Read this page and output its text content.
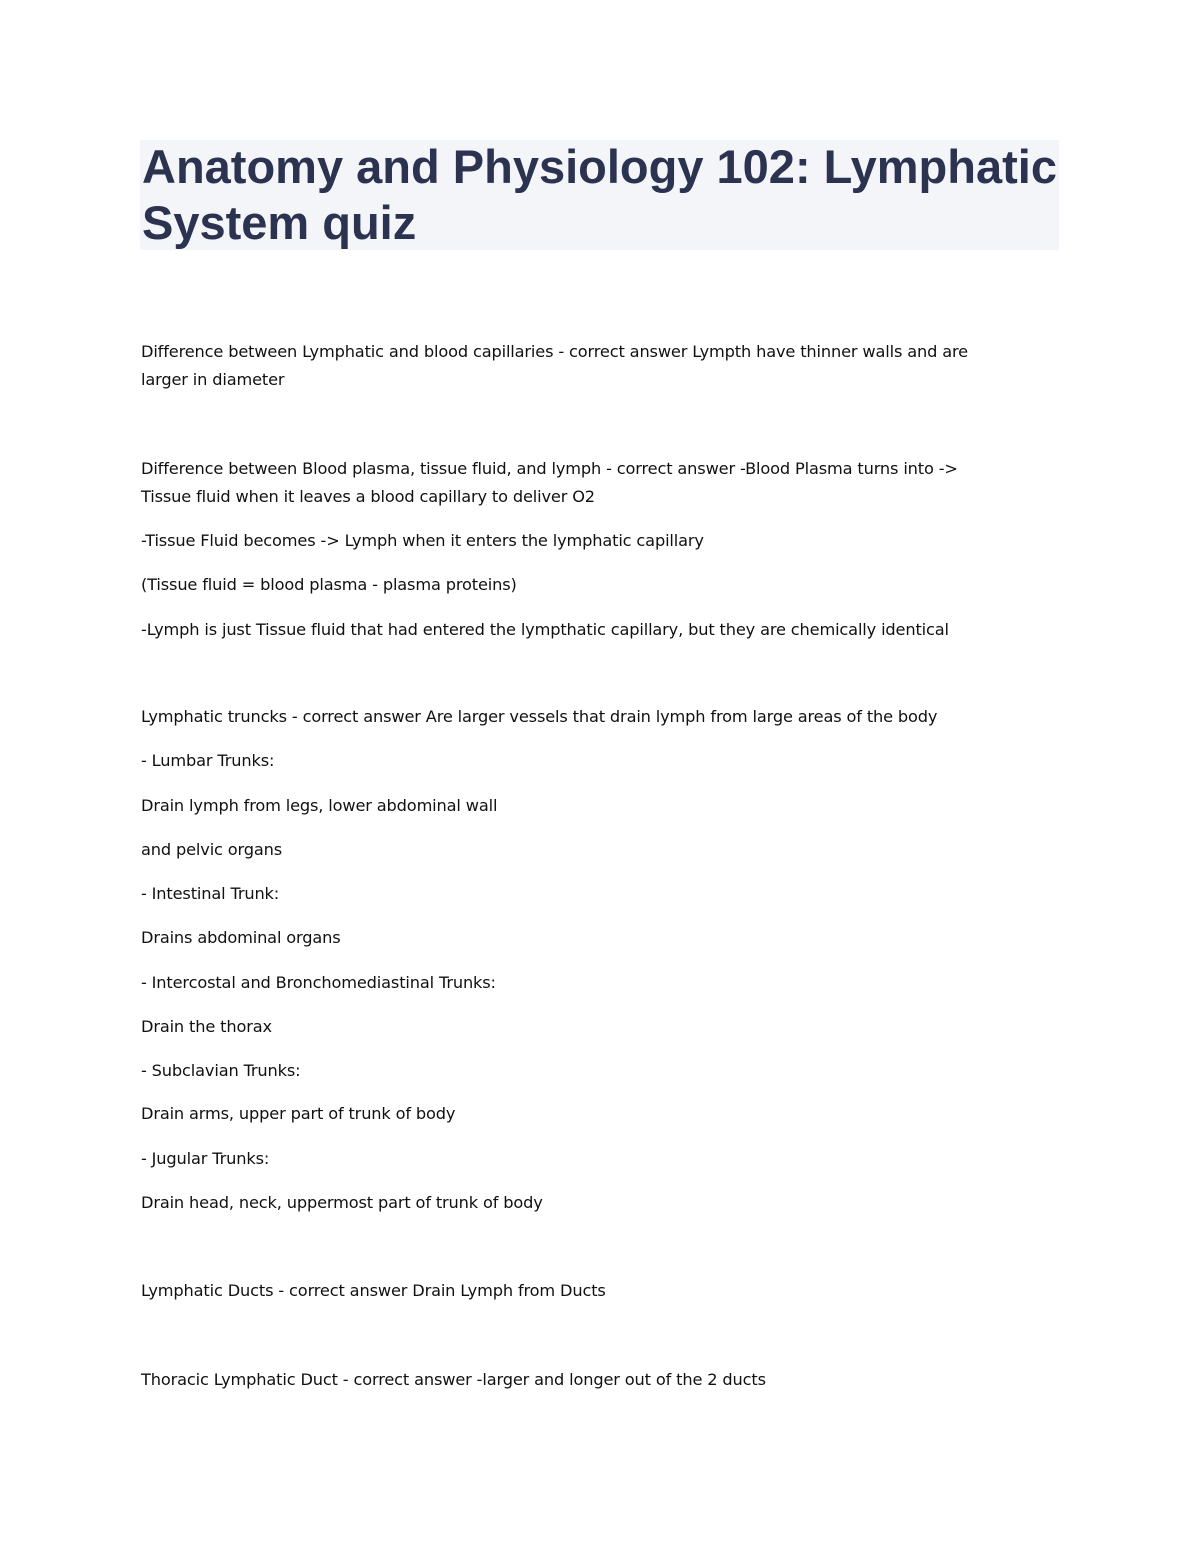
Anatomy and Physiology 102: Lymphatic System quiz

Difference between Lymphatic and blood capillaries - correct answer Lympth have thinner walls and are

larger in diameter

Difference between Blood plasma, tissue fluid, and lymph - correct answer -Blood Plasma turns into ->

Tissue fluid when it leaves a blood capillary to deliver O2

-Tissue Fluid becomes -> Lymph when it enters the lymphatic capillary

(Tissue fluid = blood plasma - plasma proteins)

-Lymph is just Tissue fluid that had entered the lympthatic capillary, but they are chemically identical

Lymphatic truncks - correct answer Are larger vessels that drain lymph from large areas of the body

- Lumbar Trunks:

Drain lymph from legs, lower abdominal wall

and pelvic organs

- Intestinal Trunk:

Drains abdominal organs

- Intercostal and Bronchomediastinal Trunks:

Drain the thorax

- Subclavian Trunks:

Drain arms, upper part of trunk of body

- Jugular Trunks:

Drain head, neck, uppermost part of trunk of body

Lymphatic Ducts - correct answer Drain Lymph from Ducts

Thoracic Lymphatic Duct - correct answer -larger and longer out of the 2 ducts
